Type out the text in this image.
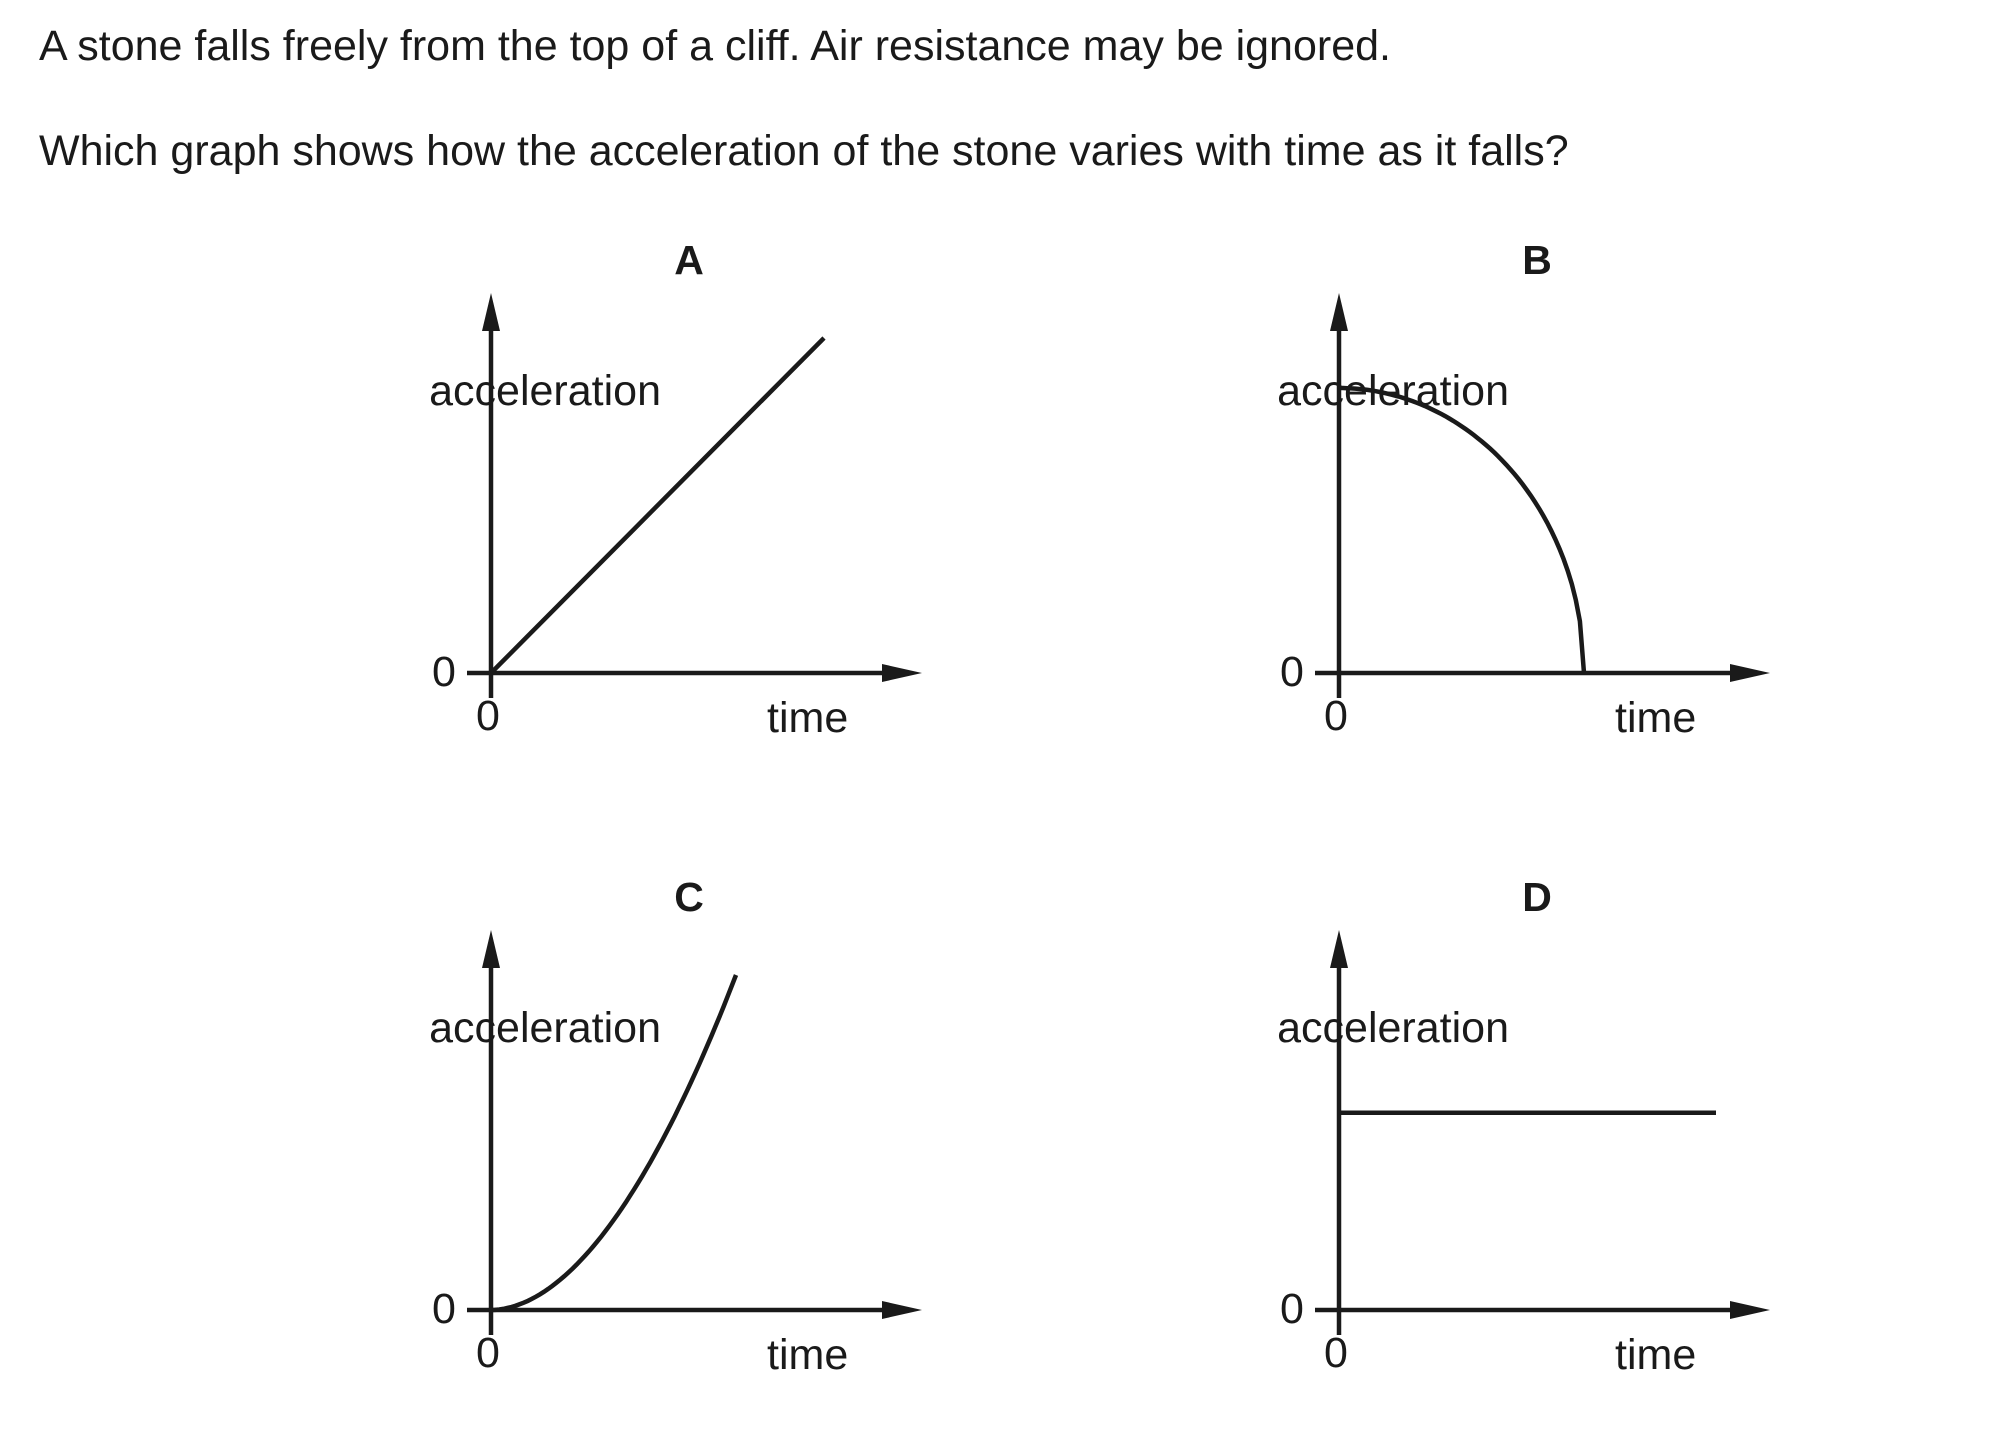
A stone falls freely from the top of a cliff. Air resistance may be ignored.

Which graph shows how the acceleration of the stone varies with time as it falls?

A
acceleration
0
0	time
B
acceleration
0
0	time
C
acceleration
0
0	time
D
acceleration
0
0	time
